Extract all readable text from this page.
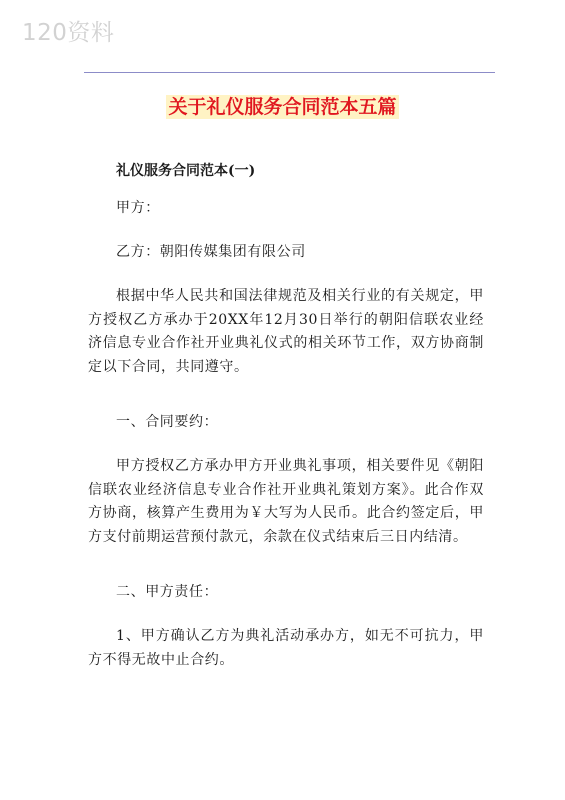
120资料
关于礼仪服务合同范本五篇
礼仪服务合同范本(一)

甲方：

乙方：朝阳传媒集团有限公司

根据中华人民共和国法律规范及相关行业的有关规定，甲方授权乙方承办于20XX年12月30日举行的朝阳信联农业经济信息专业合作社开业典礼仪式的相关环节工作，双方协商制定以下合同，共同遵守。

一、合同要约：

甲方授权乙方承办甲方开业典礼事项，相关要件见《朝阳信联农业经济信息专业合作社开业典礼策划方案》。此合作双方协商，核算产生费用为￥大写为人民币。此合约签定后，甲方支付前期运营预付款元，余款在仪式结束后三日内结清。

二、甲方责任：

1、甲方确认乙方为典礼活动承办方，如无不可抗力，甲方不得无故中止合约。
